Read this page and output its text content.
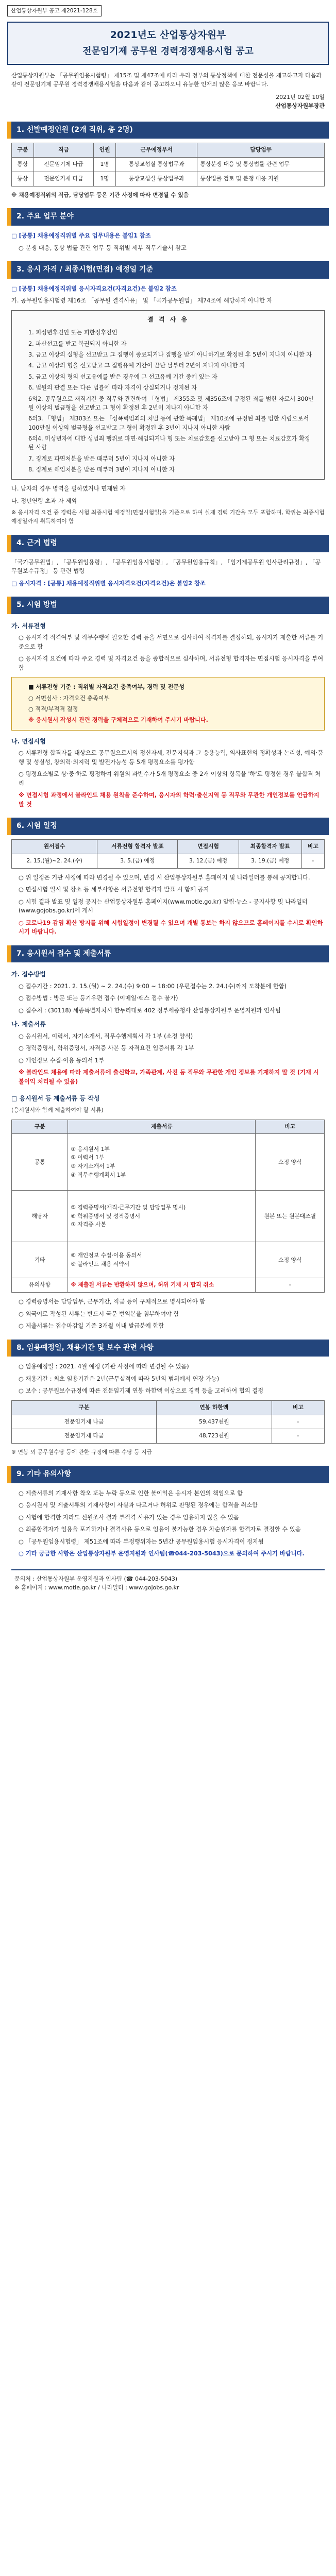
산업통상자원부 공고 제2021-128호
2021년도 산업통상자원부
전문임기제 공무원 경력경쟁채용시험 공고
산업통상자원부는 「공무원임용시험령」 제15조 및 제47조에 따라 우리 정부의 통상정책에 대한 전문성을 제고하고자 다음과 같이 전문임기제 공무원 경력경쟁채용시험을 다음과 같이 공고하오니 유능한 인재의 많은 응모 바랍니다.
2021년 02월 10일
산업통상자원부장관
1. 선발예정인원 (2개 직위, 총 2명)
구분	직급	인원	근무예정부서	담당업무
통상	전문임기제 나급	1명	통상교섭실 통상법무과	통상분쟁 대응 및 통상법률 관련 업무
통상	전문임기제 다급	1명	통상교섭실 통상법무과	통상법률 검토 및 분쟁 대응 지원
※ 채용예정직위의 직급, 담당업무 등은 기관 사정에 따라 변경될 수 있음
2. 주요 업무 분야
□ [공통] 채용예정직위별 주요 업무내용은 붙임1 참조
○ 분쟁 대응, 통상 법률 관련 업무 등 직위별 세부 직무기술서 참고
3. 응시 자격 / 최종시험(면접) 예정일 기준
□ [공통] 채용예정직위별 응시자격요건(자격요건)은 붙임2 참조
가. 공무원임용시험령 제16조 「공무원 결격사유」 및 「국가공무원법」 제74조에 해당하지 아니한 자
결 격 사 유
1. 피성년후견인 또는 피한정후견인
2. 파산선고를 받고 복권되지 아니한 자
3. 금고 이상의 실형을 선고받고 그 집행이 종료되거나 집행을 받지 아니하기로 확정된 후 5년이 지나지 아니한 자
4. 금고 이상의 형을 선고받고 그 집행유예 기간이 끝난 날부터 2년이 지나지 아니한 자
5. 금고 이상의 형의 선고유예를 받은 경우에 그 선고유예 기간 중에 있는 자
6. 법원의 판결 또는 다른 법률에 따라 자격이 상실되거나 정지된 자
6의2. 공무원으로 재직기간 중 직무와 관련하여 「형법」 제355조 및 제356조에 규정된 죄를 범한 자로서 300만원 이상의 벌금형을 선고받고 그 형이 확정된 후 2년이 지나지 아니한 자
6의3. 「형법」 제303조 또는 「성폭력범죄의 처벌 등에 관한 특례법」 제10조에 규정된 죄를 범한 사람으로서 100만원 이상의 벌금형을 선고받고 그 형이 확정된 후 3년이 지나지 아니한 사람
6의4. 미성년자에 대한 성범죄 행위로 파면·해임되거나 형 또는 치료감호를 선고받아 그 형 또는 치료감호가 확정된 사람
7. 징계로 파면처분을 받은 때부터 5년이 지나지 아니한 자
8. 징계로 해임처분을 받은 때부터 3년이 지나지 아니한 자
나. 남자의 경우 병역을 필하였거나 면제된 자
다. 정년연령 초과 자 제외
※ 응시자격 요건 중 경력은 시험 최종시험 예정일(면접시험일)을 기준으로 하여 실제 경력 기간을 모두 포함하며, 학위는 최종시험 예정일까지 취득하여야 함
4. 근거 법령
「국가공무원법」, 「공무원임용령」, 「공무원임용시험령」, 「공무원임용규칙」, 「임기제공무원 인사관리규정」, 「공무원보수규정」 등 관련 법령
□ 응시자격 : [공통] 채용예정직위별 응시자격요건(자격요건)은 붙임2 참조
5. 시험 방법
가. 서류전형
○ 응시자격 적격여부 및 직무수행에 필요한 경력 등을 서면으로 심사하여 적격자를 결정하되, 응시자가 제출한 서류를 기준으로 함
○ 응시자격 요건에 따라 주요 경력 및 자격요건 등을 종합적으로 심사하며, 서류전형 합격자는 면접시험 응시자격을 부여함
■ 서류전형 기준 : 직위별 자격요건 충족여부, 경력 및 전문성
○ 서면심사 : 자격요건 충족여부
○ 적격/부적격 결정
※ 응시원서 작성시 관련 경력을 구체적으로 기재하여 주시기 바랍니다.
나. 면접시험
○ 서류전형 합격자를 대상으로 공무원으로서의 정신자세, 전문지식과 그 응용능력, 의사표현의 정확성과 논리성, 예의·품행 및 성실성, 창의력·의지력 및 발전가능성 등 5개 평정요소를 평가함
○ 평정요소별로 상·중·하로 평정하여 위원의 과반수가 5개 평정요소 중 2개 이상의 항목을 '하'로 평정한 경우 불합격 처리
※ 면접시험 과정에서 블라인드 채용 원칙을 준수하며, 응시자의 학력·출신지역 등 직무와 무관한 개인정보를 언급하지 말 것
6. 시험 일정
원서접수	서류전형 합격자 발표	면접시험	최종합격자 발표	비고
2. 15.(월)~2. 24.(수)	3. 5.(금) 예정	3. 12.(금) 예정	3. 19.(금) 예정	-
○ 위 일정은 기관 사정에 따라 변경될 수 있으며, 변경 시 산업통상자원부 홈페이지 및 나라일터를 통해 공지합니다.
○ 면접시험 일시 및 장소 등 세부사항은 서류전형 합격자 발표 시 함께 공지
○ 시험 결과 발표 및 일정 공지는 산업통상자원부 홈페이지(www.motie.go.kr) 알림·뉴스 - 공지사항 및 나라일터(www.gojobs.go.kr)에 게시
○ 코로나19 감염 확산 방지를 위해 시험일정이 변경될 수 있으며 개별 통보는 하지 않으므로 홈페이지를 수시로 확인하시기 바랍니다.
7. 응시원서 접수 및 제출서류
가. 접수방법
○ 접수기간 : 2021. 2. 15.(월) ~ 2. 24.(수) 9:00 ~ 18:00 (우편접수는 2. 24.(수)까지 도착분에 한함)
○ 접수방법 : 방문 또는 등기우편 접수 (이메일·팩스 접수 불가)
○ 접수처 : (30118) 세종특별자치시 한누리대로 402 정부세종청사 산업통상자원부 운영지원과 인사팀
나. 제출서류
○ 응시원서, 이력서, 자기소개서, 직무수행계획서 각 1부 (소정 양식)
○ 경력증명서, 학위증명서, 자격증 사본 등 자격요건 입증서류 각 1부
○ 개인정보 수집·이용 동의서 1부
※ 블라인드 채용에 따라 제출서류에 출신학교, 가족관계, 사진 등 직무와 무관한 개인 정보를 기재하지 말 것 (기재 시 불이익 처리될 수 있음)
□ 응시원서 등 제출서류 등 작성
(응시원서와 함께 제출하여야 할 서류)
구분	제출서류	비고
공통	① 응시원서 1부
② 이력서 1부
③ 자기소개서 1부
④ 직무수행계획서 1부	소정 양식
해당자	⑤ 경력증명서(재직·근무기간 및 담당업무 명시)
⑥ 학위증명서 및 성적증명서
⑦ 자격증 사본	원본 또는 원본대조필
기타	⑧ 개인정보 수집·이용 동의서
⑨ 블라인드 채용 서약서	소정 양식
유의사항	※ 제출된 서류는 반환하지 않으며, 허위 기재 시 합격 취소	-
○ 경력증명서는 담당업무, 근무기간, 직급 등이 구체적으로 명시되어야 함
○ 외국어로 작성된 서류는 반드시 국문 번역본을 첨부하여야 함
○ 제출서류는 접수마감일 기준 3개월 이내 발급분에 한함
8. 임용예정일, 채용기간 및 보수 관련 사항
○ 임용예정일 : 2021. 4월 예정 (기관 사정에 따라 변경될 수 있음)
○ 채용기간 : 최초 임용기간은 2년(근무실적에 따라 5년의 범위에서 연장 가능)
○ 보수 : 공무원보수규정에 따른 전문임기제 연봉 하한액 이상으로 경력 등을 고려하여 협의 결정
구분	연봉 하한액	비고
전문임기제 나급	59,437천원	-
전문임기제 다급	48,723천원	-
※ 연봉 외 공무원수당 등에 관한 규정에 따른 수당 등 지급
9. 기타 유의사항
○ 제출서류의 기재사항 착오 또는 누락 등으로 인한 불이익은 응시자 본인의 책임으로 함
○ 응시원서 및 제출서류의 기재사항이 사실과 다르거나 허위로 판명된 경우에는 합격을 취소함
○ 시험에 합격한 자라도 신원조사 결과 부적격 사유가 있는 경우 임용하지 않을 수 있음
○ 최종합격자가 임용을 포기하거나 결격사유 등으로 임용이 불가능한 경우 차순위자를 합격자로 결정할 수 있음
○ 「공무원임용시험령」 제51조에 따라 부정행위자는 5년간 공무원임용시험 응시자격이 정지됨
○ 기타 궁금한 사항은 산업통상자원부 운영지원과 인사팀(☎044-203-5043)으로 문의하여 주시기 바랍니다.
문의처 : 산업통상자원부 운영지원과 인사팀 (☎ 044-203-5043)
※ 홈페이지 : www.motie.go.kr / 나라일터 : www.gojobs.go.kr
